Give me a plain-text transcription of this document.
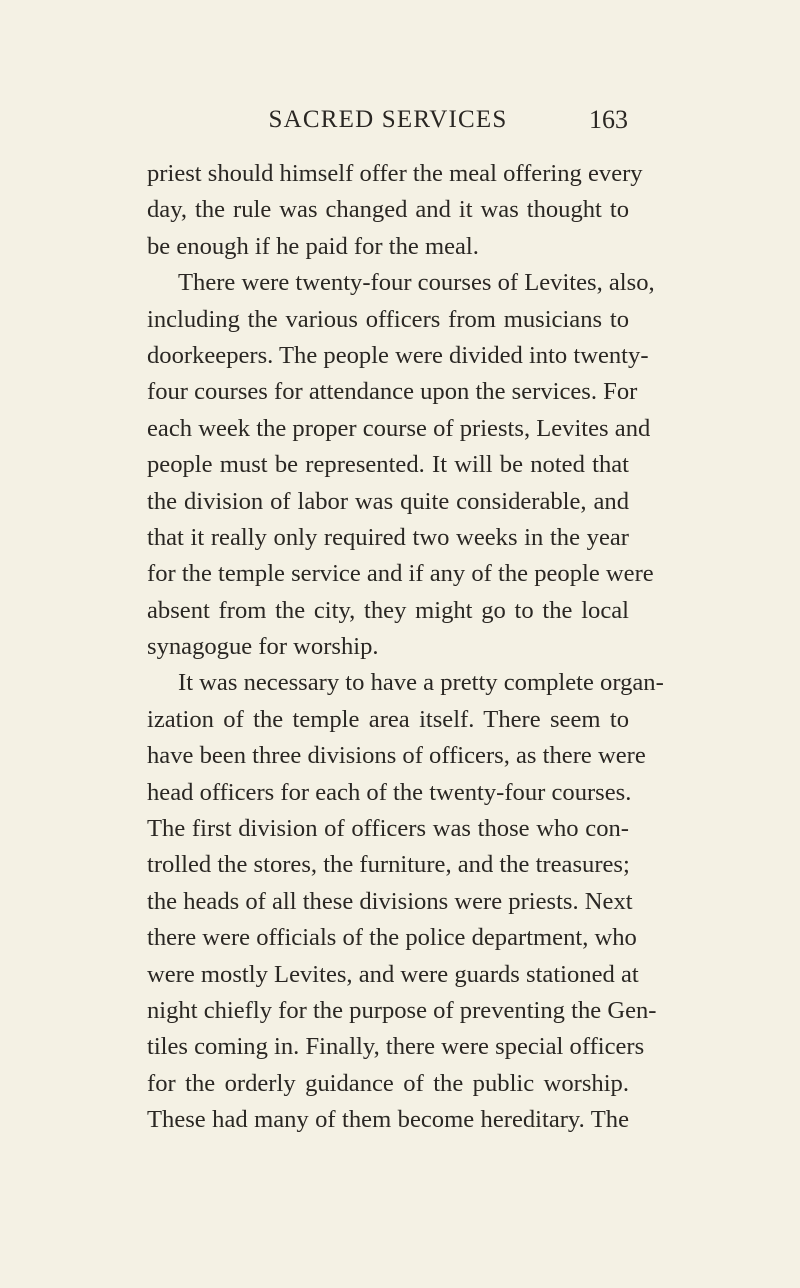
SACRED SERVICES	163
priest should himself offer the meal offering every
day, the rule was changed and it was thought to
be enough if he paid for the meal.
There were twenty-four courses of Levites, also,
including the various officers from musicians to
doorkeepers. The people were divided into twenty-
four courses for attendance upon the services. For
each week the proper course of priests, Levites and
people must be represented. It will be noted that
the division of labor was quite considerable, and
that it really only required two weeks in the year
for the temple service and if any of the people were
absent from the city, they might go to the local
synagogue for worship.
It was necessary to have a pretty complete organ-
ization of the temple area itself. There seem to
have been three divisions of officers, as there were
head officers for each of the twenty-four courses.
The first division of officers was those who con-
trolled the stores, the furniture, and the treasures;
the heads of all these divisions were priests. Next
there were officials of the police department, who
were mostly Levites, and were guards stationed at
night chiefly for the purpose of preventing the Gen-
tiles coming in. Finally, there were special officers
for the orderly guidance of the public worship.
These had many of them become hereditary. The
